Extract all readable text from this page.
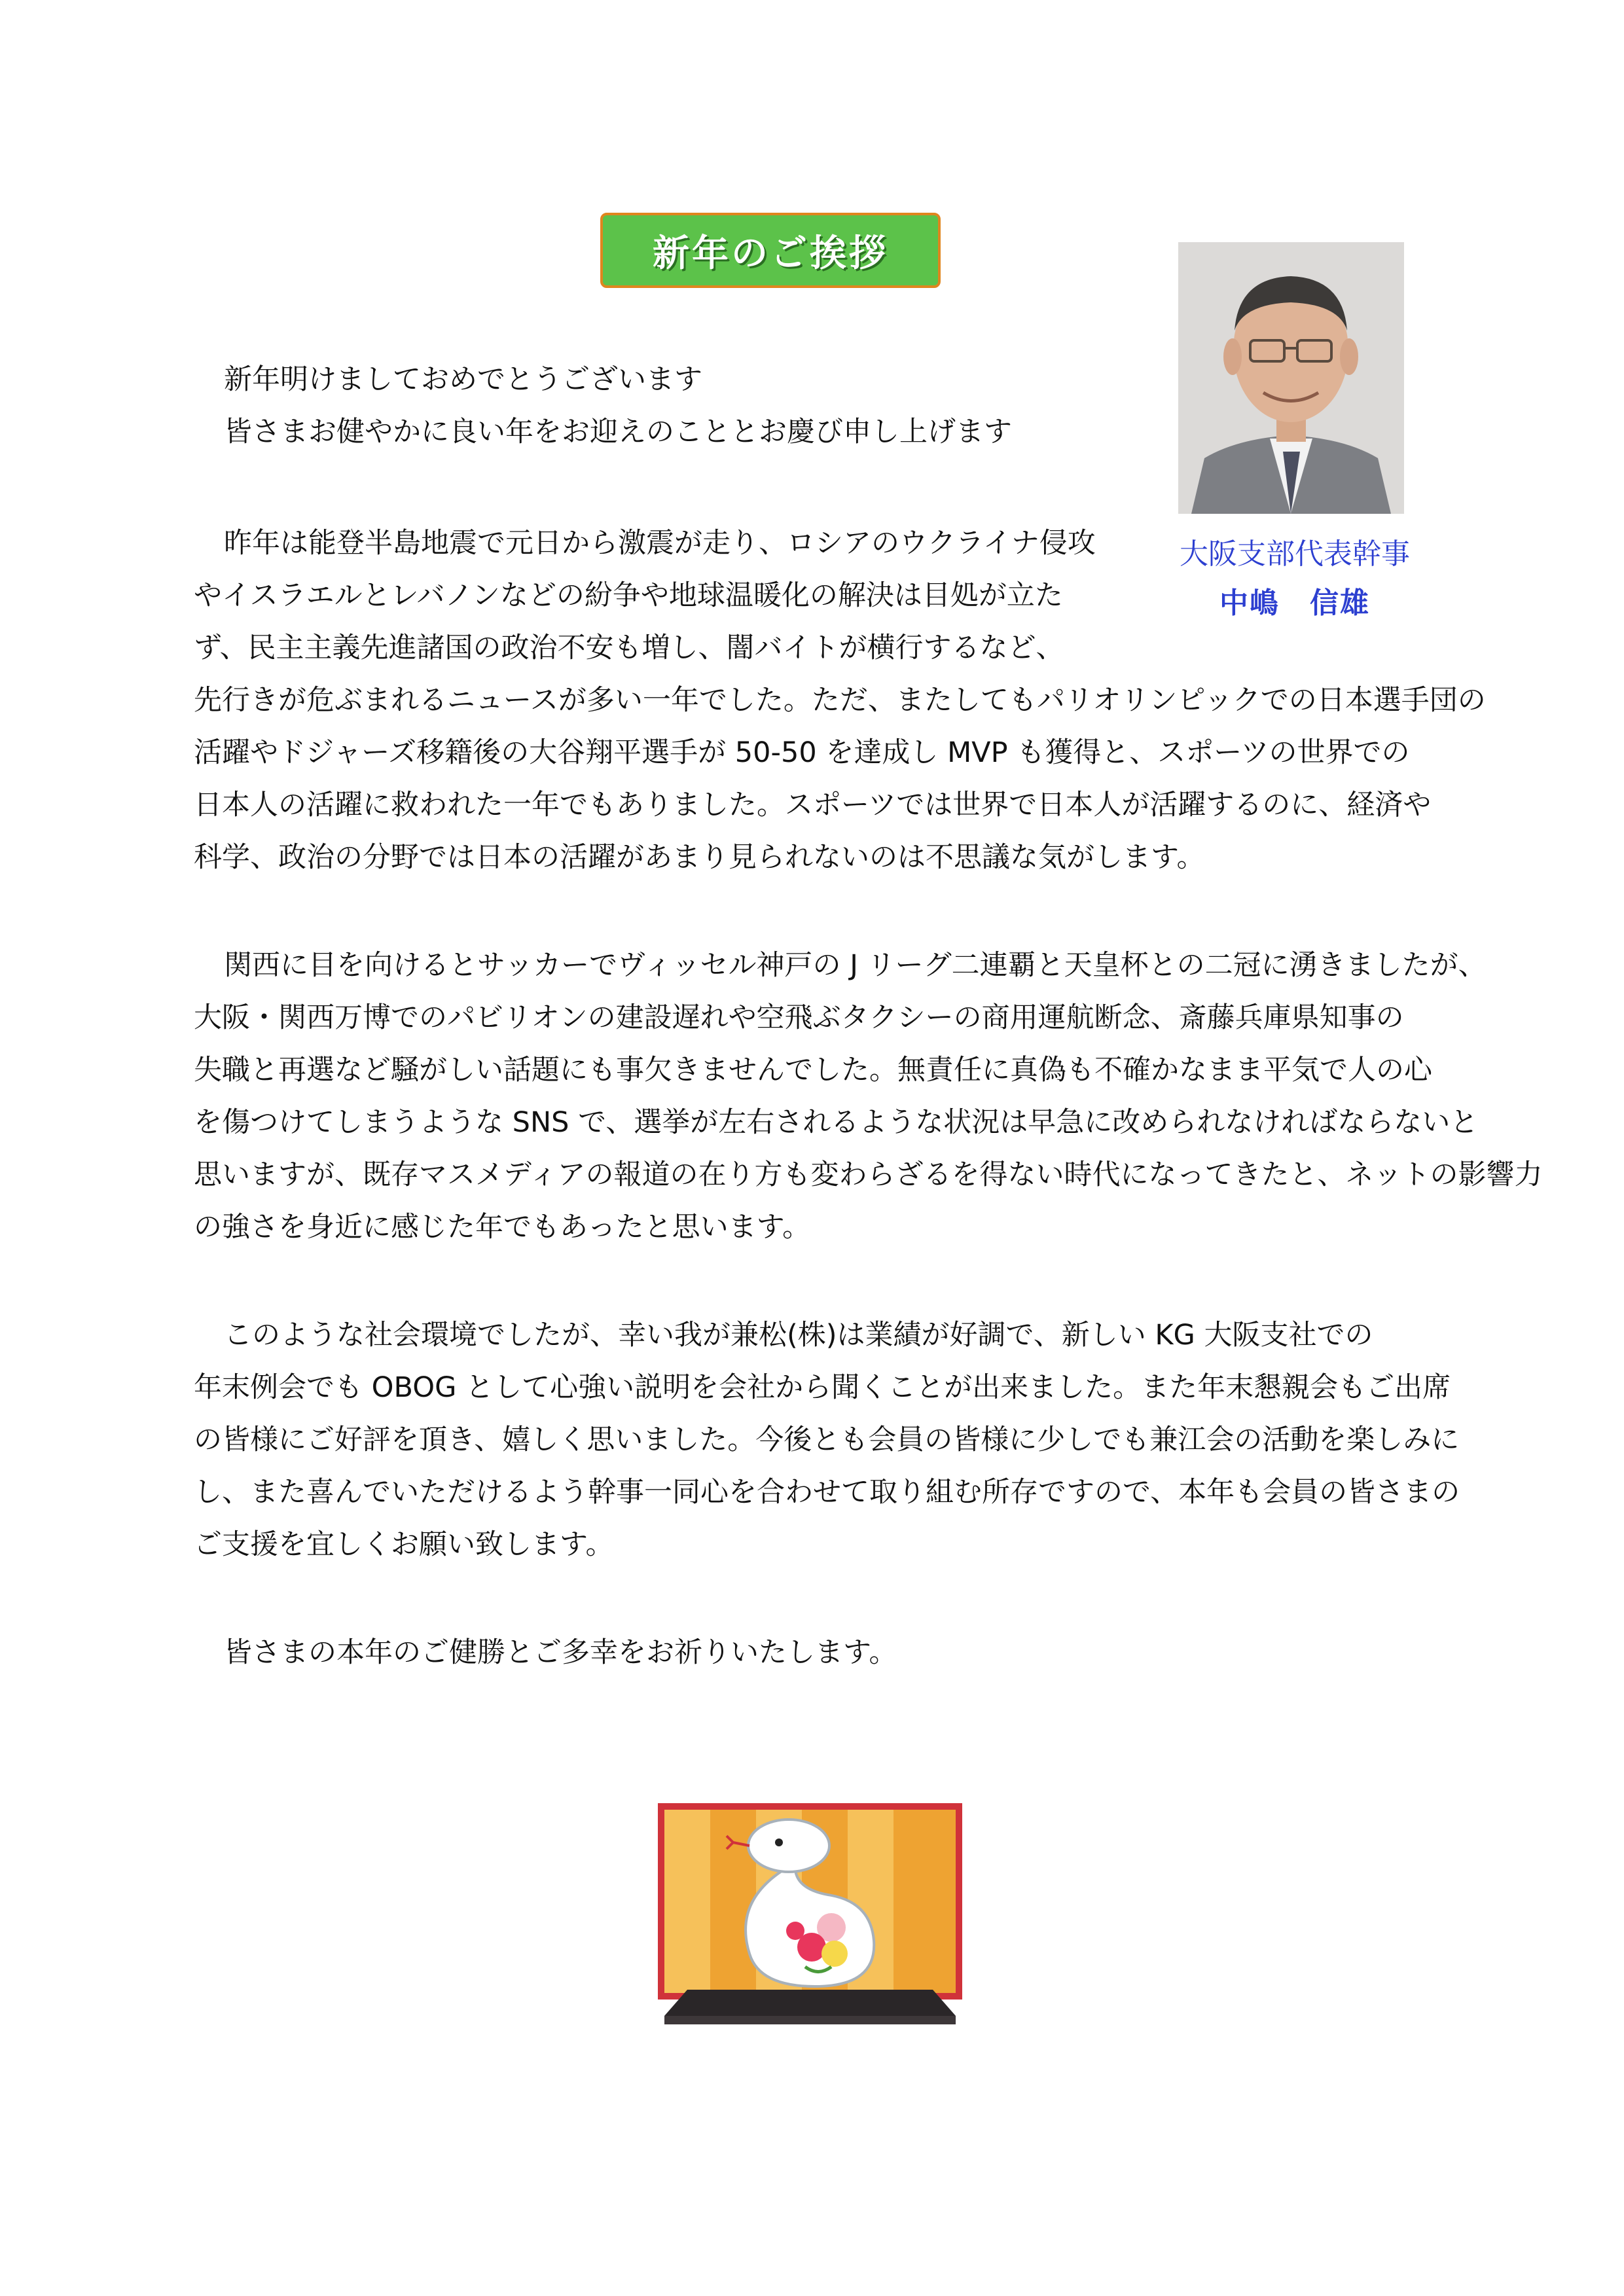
新年のご挨拶
大阪支部代表幹事
中嶋　信雄
新年明けましておめでとうございます
皆さまお健やかに良い年をお迎えのこととお慶び申し上げます
昨年は能登半島地震で元日から激震が走り、ロシアのウクライナ侵攻
やイスラエルとレバノンなどの紛争や地球温暖化の解決は目処が立た
ず、民主主義先進諸国の政治不安も増し、闇バイトが横行するなど、
先行きが危ぶまれるニュースが多い一年でした。ただ、またしてもパリオリンピックでの日本選手団の
活躍やドジャーズ移籍後の大谷翔平選手が 50-50 を達成し MVP も獲得と、スポーツの世界での
日本人の活躍に救われた一年でもありました。スポーツでは世界で日本人が活躍するのに、経済や
科学、政治の分野では日本の活躍があまり見られないのは不思議な気がします。
関西に目を向けるとサッカーでヴィッセル神戸の J リーグ二連覇と天皇杯との二冠に湧きましたが、
大阪・関西万博でのパビリオンの建設遅れや空飛ぶタクシーの商用運航断念、斎藤兵庫県知事の
失職と再選など騒がしい話題にも事欠きませんでした。無責任に真偽も不確かなまま平気で人の心
を傷つけてしまうような SNS で、選挙が左右されるような状況は早急に改められなければならないと
思いますが、既存マスメディアの報道の在り方も変わらざるを得ない時代になってきたと、ネットの影響力
の強さを身近に感じた年でもあったと思います。
このような社会環境でしたが、幸い我が兼松(株)は業績が好調で、新しい KG 大阪支社での
年末例会でも OBOG として心強い説明を会社から聞くことが出来ました。また年末懇親会もご出席
の皆様にご好評を頂き、嬉しく思いました。今後とも会員の皆様に少しでも兼江会の活動を楽しみに
し、また喜んでいただけるよう幹事一同心を合わせて取り組む所存ですので、本年も会員の皆さまの
ご支援を宜しくお願い致します。
皆さまの本年のご健勝とご多幸をお祈りいたします。
